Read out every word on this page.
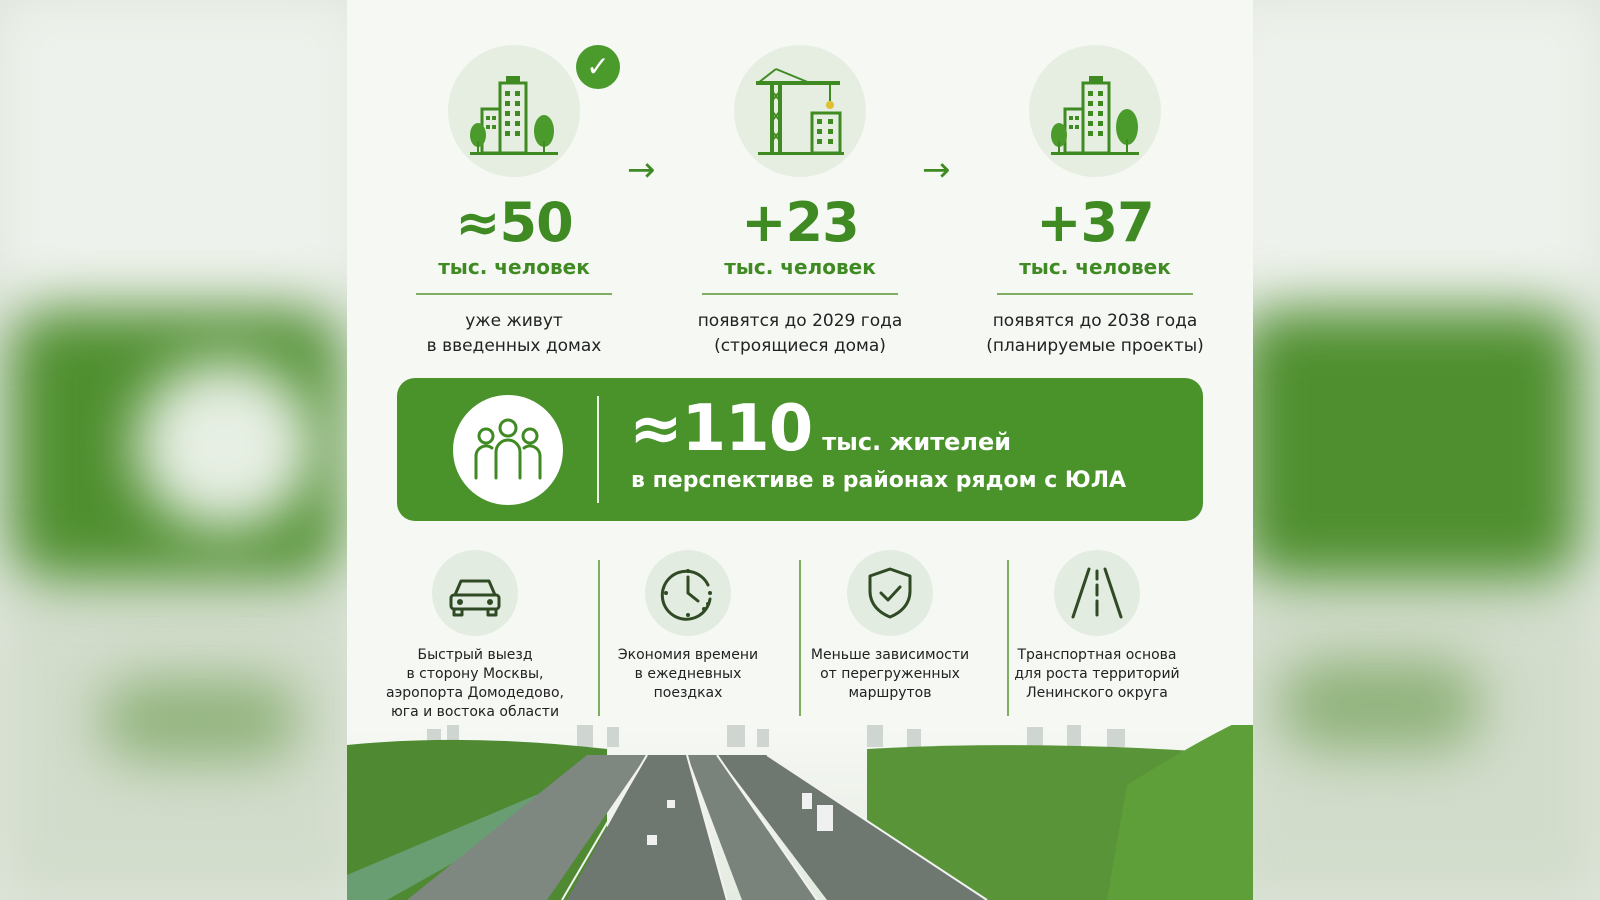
✓
≈50
тыс. человек
уже живут
в введенных домах
→
+23
тыс. человек
появятся до 2029 года
(строящиеся дома)
→
+37
тыс. человек
появятся до 2038 года
(планируемые проекты)
≈110 тыс. жителей
в перспективе в районах рядом с ЮЛА
Быстрый выезд
в сторону Москвы,
аэропорта Домодедово,
юга и востока области
Экономия времени
в ежедневных
поездках
Меньше зависимости
от перегруженных
маршрутов
Транспортная основа
для роста территорий
Ленинского округа
